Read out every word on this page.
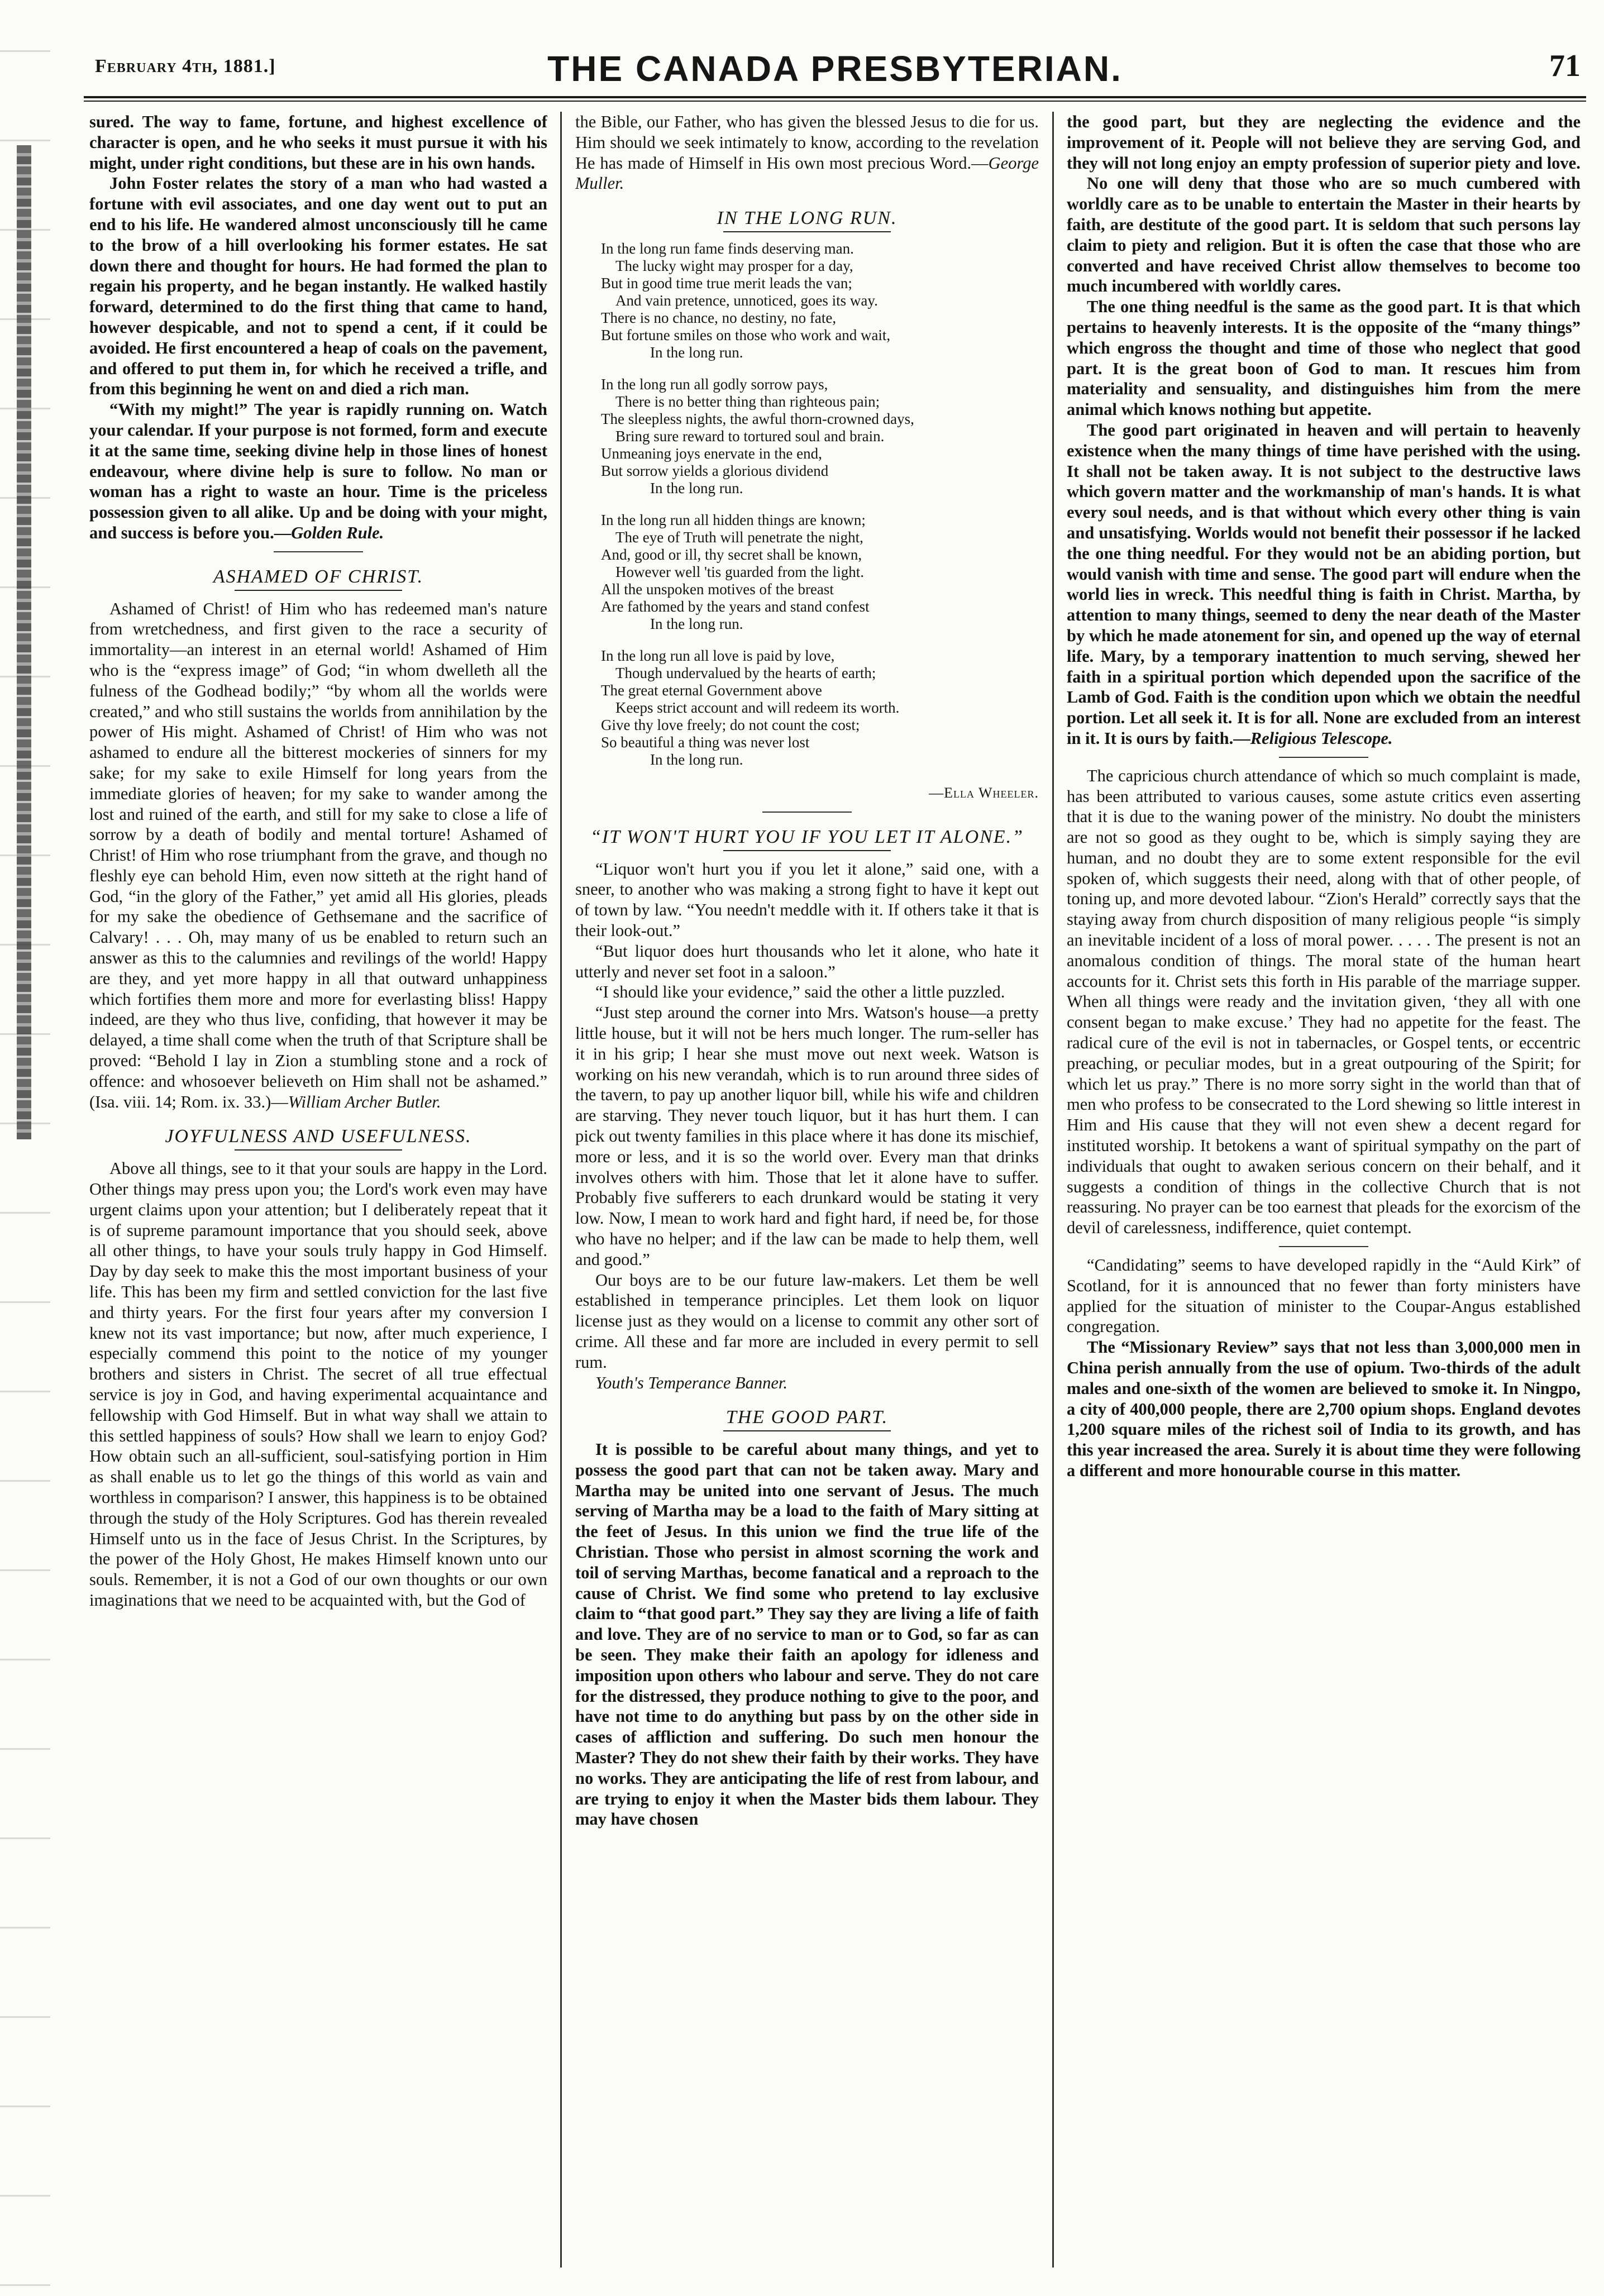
February 4th, 1881.]	THE CANADA PRESBYTERIAN.	71

sured. The way to fame, fortune, and highest excellence of character is open, and he who seeks it must pursue it with his might, under right conditions, but these are in his own hands.

John Foster relates the story of a man who had wasted a fortune with evil associates, and one day went out to put an end to his life. He wandered almost unconsciously till he came to the brow of a hill overlooking his former estates. He sat down there and thought for hours. He had formed the plan to regain his property, and he began instantly. He walked hastily forward, determined to do the first thing that came to hand, however despicable, and not to spend a cent, if it could be avoided. He first encountered a heap of coals on the pavement, and offered to put them in, for which he received a trifle, and from this beginning he went on and died a rich man.

“With my might!” The year is rapidly running on. Watch your calendar. If your purpose is not formed, form and execute it at the same time, seeking divine help in those lines of honest endeavour, where divine help is sure to follow. No man or woman has a right to waste an hour. Time is the priceless possession given to all alike. Up and be doing with your might, and success is before you.—Golden Rule.

ASHAMED OF CHRIST.

Ashamed of Christ! of Him who has redeemed man's nature from wretchedness, and first given to the race a security of immortality—an interest in an eternal world! Ashamed of Him who is the “express image” of God; “in whom dwelleth all the fulness of the Godhead bodily;” “by whom all the worlds were created,” and who still sustains the worlds from annihilation by the power of His might. Ashamed of Christ! of Him who was not ashamed to endure all the bitterest mockeries of sinners for my sake; for my sake to exile Himself for long years from the immediate glories of heaven; for my sake to wander among the lost and ruined of the earth, and still for my sake to close a life of sorrow by a death of bodily and mental torture! Ashamed of Christ! of Him who rose triumphant from the grave, and though no fleshly eye can behold Him, even now sitteth at the right hand of God, “in the glory of the Father,” yet amid all His glories, pleads for my sake the obedience of Gethsemane and the sacrifice of Calvary! . . . Oh, may many of us be enabled to return such an answer as this to the calumnies and revilings of the world! Happy are they, and yet more happy in all that outward unhappiness which fortifies them more and more for everlasting bliss! Happy indeed, are they who thus live, confiding, that however it may be delayed, a time shall come when the truth of that Scripture shall be proved: “Behold I lay in Zion a stumbling stone and a rock of offence: and whosoever believeth on Him shall not be ashamed.” (Isa. viii. 14; Rom. ix. 33.)—William Archer Butler.

JOYFULNESS AND USEFULNESS.

Above all things, see to it that your souls are happy in the Lord. Other things may press upon you; the Lord's work even may have urgent claims upon your attention; but I deliberately repeat that it is of supreme paramount importance that you should seek, above all other things, to have your souls truly happy in God Himself. Day by day seek to make this the most important business of your life. This has been my firm and settled conviction for the last five and thirty years. For the first four years after my conversion I knew not its vast importance; but now, after much experience, I especially commend this point to the notice of my younger brothers and sisters in Christ. The secret of all true effectual service is joy in God, and having experimental acquaintance and fellowship with God Himself. But in what way shall we attain to this settled happiness of souls? How shall we learn to enjoy God? How obtain such an all-sufficient, soul-satisfying portion in Him as shall enable us to let go the things of this world as vain and worthless in comparison? I answer, this happiness is to be obtained through the study of the Holy Scriptures. God has therein revealed Himself unto us in the face of Jesus Christ. In the Scriptures, by the power of the Holy Ghost, He makes Himself known unto our souls. Remember, it is not a God of our own thoughts or our own imaginations that we need to be acquainted with, but the God of

the Bible, our Father, who has given the blessed Jesus to die for us. Him should we seek intimately to know, according to the revelation He has made of Himself in His own most precious Word.—George Muller.

IN THE LONG RUN.
In the long run fame finds deserving man.
The lucky wight may prosper for a day,
But in good time true merit leads the van;
And vain pretence, unnoticed, goes its way.
There is no chance, no destiny, no fate,
But fortune smiles on those who work and wait,
In the long run.
In the long run all godly sorrow pays,
There is no better thing than righteous pain;
The sleepless nights, the awful thorn-crowned days,
Bring sure reward to tortured soul and brain.
Unmeaning joys enervate in the end,
But sorrow yields a glorious dividend
In the long run.
In the long run all hidden things are known;
The eye of Truth will penetrate the night,
And, good or ill, thy secret shall be known,
However well 'tis guarded from the light.
All the unspoken motives of the breast
Are fathomed by the years and stand confest
In the long run.
In the long run all love is paid by love,
Though undervalued by the hearts of earth;
The great eternal Government above
Keeps strict account and will redeem its worth.
Give thy love freely; do not count the cost;
So beautiful a thing was never lost
In the long run.
—Ella Wheeler.
“IT WON'T HURT YOU IF YOU LET IT ALONE.”

“Liquor won't hurt you if you let it alone,” said one, with a sneer, to another who was making a strong fight to have it kept out of town by law. “You needn't meddle with it. If others take it that is their look-out.”

“But liquor does hurt thousands who let it alone, who hate it utterly and never set foot in a saloon.”

“I should like your evidence,” said the other a little puzzled.

“Just step around the corner into Mrs. Watson's house—a pretty little house, but it will not be hers much longer. The rum-seller has it in his grip; I hear she must move out next week. Watson is working on his new verandah, which is to run around three sides of the tavern, to pay up another liquor bill, while his wife and children are starving. They never touch liquor, but it has hurt them. I can pick out twenty families in this place where it has done its mischief, more or less, and it is so the world over. Every man that drinks involves others with him. Those that let it alone have to suffer. Probably five sufferers to each drunkard would be stating it very low. Now, I mean to work hard and fight hard, if need be, for those who have no helper; and if the law can be made to help them, well and good.”

Our boys are to be our future law-makers. Let them be well established in temperance principles. Let them look on liquor license just as they would on a license to commit any other sort of crime. All these and far more are included in every permit to sell rum.

Youth's Temperance Banner.

THE GOOD PART.

It is possible to be careful about many things, and yet to possess the good part that can not be taken away. Mary and Martha may be united into one servant of Jesus. The much serving of Martha may be a load to the faith of Mary sitting at the feet of Jesus. In this union we find the true life of the Christian. Those who persist in almost scorning the work and toil of serving Marthas, become fanatical and a reproach to the cause of Christ. We find some who pretend to lay exclusive claim to “that good part.” They say they are living a life of faith and love. They are of no service to man or to God, so far as can be seen. They make their faith an apology for idleness and imposition upon others who labour and serve. They do not care for the distressed, they produce nothing to give to the poor, and have not time to do anything but pass by on the other side in cases of affliction and suffering. Do such men honour the Master? They do not shew their faith by their works. They have no works. They are anticipating the life of rest from labour, and are trying to enjoy it when the Master bids them labour. They may have chosen

the good part, but they are neglecting the evidence and the improvement of it. People will not believe they are serving God, and they will not long enjoy an empty profession of superior piety and love.

No one will deny that those who are so much cumbered with worldly care as to be unable to entertain the Master in their hearts by faith, are destitute of the good part. It is seldom that such persons lay claim to piety and religion. But it is often the case that those who are converted and have received Christ allow themselves to become too much incumbered with worldly cares.

The one thing needful is the same as the good part. It is that which pertains to heavenly interests. It is the opposite of the “many things” which engross the thought and time of those who neglect that good part. It is the great boon of God to man. It rescues him from materiality and sensuality, and distinguishes him from the mere animal which knows nothing but appetite.

The good part originated in heaven and will pertain to heavenly existence when the many things of time have perished with the using. It shall not be taken away. It is not subject to the destructive laws which govern matter and the workmanship of man's hands. It is what every soul needs, and is that without which every other thing is vain and unsatisfying. Worlds would not benefit their possessor if he lacked the one thing needful. For they would not be an abiding portion, but would vanish with time and sense. The good part will endure when the world lies in wreck. This needful thing is faith in Christ. Martha, by attention to many things, seemed to deny the near death of the Master by which he made atonement for sin, and opened up the way of eternal life. Mary, by a temporary inattention to much serving, shewed her faith in a spiritual portion which depended upon the sacrifice of the Lamb of God. Faith is the condition upon which we obtain the needful portion. Let all seek it. It is for all. None are excluded from an interest in it. It is ours by faith.—Religious Telescope.

The capricious church attendance of which so much complaint is made, has been attributed to various causes, some astute critics even asserting that it is due to the waning power of the ministry. No doubt the ministers are not so good as they ought to be, which is simply saying they are human, and no doubt they are to some extent responsible for the evil spoken of, which suggests their need, along with that of other people, of toning up, and more devoted labour. “Zion's Herald” correctly says that the staying away from church disposition of many religious people “is simply an inevitable incident of a loss of moral power. . . . . The present is not an anomalous condition of things. The moral state of the human heart accounts for it. Christ sets this forth in His parable of the marriage supper. When all things were ready and the invitation given, ‘they all with one consent began to make excuse.’ They had no appetite for the feast. The radical cure of the evil is not in tabernacles, or Gospel tents, or eccentric preaching, or peculiar modes, but in a great outpouring of the Spirit; for which let us pray.” There is no more sorry sight in the world than that of men who profess to be consecrated to the Lord shewing so little interest in Him and His cause that they will not even shew a decent regard for instituted worship. It betokens a want of spiritual sympathy on the part of individuals that ought to awaken serious concern on their behalf, and it suggests a condition of things in the collective Church that is not reassuring. No prayer can be too earnest that pleads for the exorcism of the devil of carelessness, indifference, quiet contempt.

“Candidating” seems to have developed rapidly in the “Auld Kirk” of Scotland, for it is announced that no fewer than forty ministers have applied for the situation of minister to the Coupar-Angus established congregation.

The “Missionary Review” says that not less than 3,000,000 men in China perish annually from the use of opium. Two-thirds of the adult males and one-sixth of the women are believed to smoke it. In Ningpo, a city of 400,000 people, there are 2,700 opium shops. England devotes 1,200 square miles of the richest soil of India to its growth, and has this year increased the area. Surely it is about time they were following a different and more honourable course in this matter.
